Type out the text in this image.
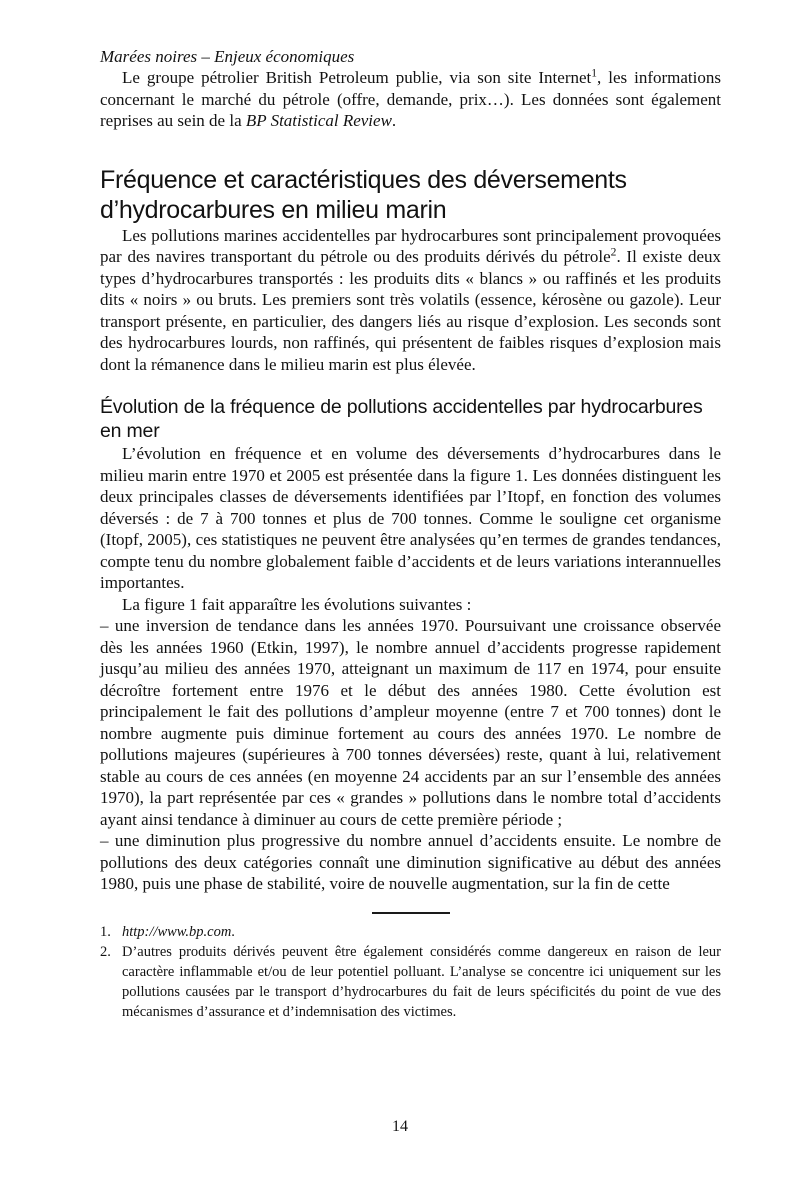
Marées noires – Enjeux économiques

Le groupe pétrolier British Petroleum publie, via son site Internet$^1$, les informations concernant le marché du pétrole (offre, demande, prix…). Les données sont également reprises au sein de la BP Statistical Review.

Fréquence et caractéristiques des déversements d’hydrocarbures en milieu marin

Les pollutions marines accidentelles par hydrocarbures sont principalement provoquées par des navires transportant du pétrole ou des produits dérivés du pétrole$^2$. Il existe deux types d’hydrocarbures transportés : les produits dits « blancs » ou raffinés et les produits dits « noirs » ou bruts. Les premiers sont très volatils (essence, kérosène ou gazole). Leur transport présente, en particulier, des dangers liés au risque d’explosion. Les seconds sont des hydrocarbures lourds, non raffinés, qui présentent de faibles risques d’explosion mais dont la rémanence dans le milieu marin est plus élevée.

Évolution de la fréquence de pollutions accidentelles par hydrocarbures en mer

L’évolution en fréquence et en volume des déversements d’hydrocarbures dans le milieu marin entre 1970 et 2005 est présentée dans la figure 1. Les données distinguent les deux principales classes de déversements identifiées par l’Itopf, en fonction des volumes déversés : de 7 à 700 tonnes et plus de 700 tonnes. Comme le souligne cet organisme (Itopf, 2005), ces statistiques ne peuvent être analysées qu’en termes de grandes tendances, compte tenu du nombre globalement faible d’accidents et de leurs variations interannuelles importantes.

La figure 1 fait apparaître les évolutions suivantes :

– une inversion de tendance dans les années 1970. Poursuivant une croissance observée dès les années 1960 (Etkin, 1997), le nombre annuel d’accidents progresse rapidement jusqu’au milieu des années 1970, atteignant un maximum de 117 en 1974, pour ensuite décroître fortement entre 1976 et le début des années 1980. Cette évolution est principalement le fait des pollutions d’ampleur moyenne (entre 7 et 700 tonnes) dont le nombre augmente puis diminue fortement au cours des années 1970. Le nombre de pollutions majeures (supérieures à 700 tonnes déversées) reste, quant à lui, relativement stable au cours de ces années (en moyenne 24 accidents par an sur l’ensemble des années 1970), la part représentée par ces « grandes » pollutions dans le nombre total d’accidents ayant ainsi tendance à diminuer au cours de cette première période ;

– une diminution plus progressive du nombre annuel d’accidents ensuite. Le nombre de pollutions des deux catégories connaît une diminution significative au début des années 1980, puis une phase de stabilité, voire de nouvelle augmentation, sur la fin de cette

1. http://www.bp.com.
2. D’autres produits dérivés peuvent être également considérés comme dangereux en raison de leur caractère inflammable et/ou de leur potentiel polluant. L’analyse se concentre ici uniquement sur les pollutions causées par le transport d’hydrocarbures du fait de leurs spécificités du point de vue des mécanismes d’assurance et d’indemnisation des victimes.
14
